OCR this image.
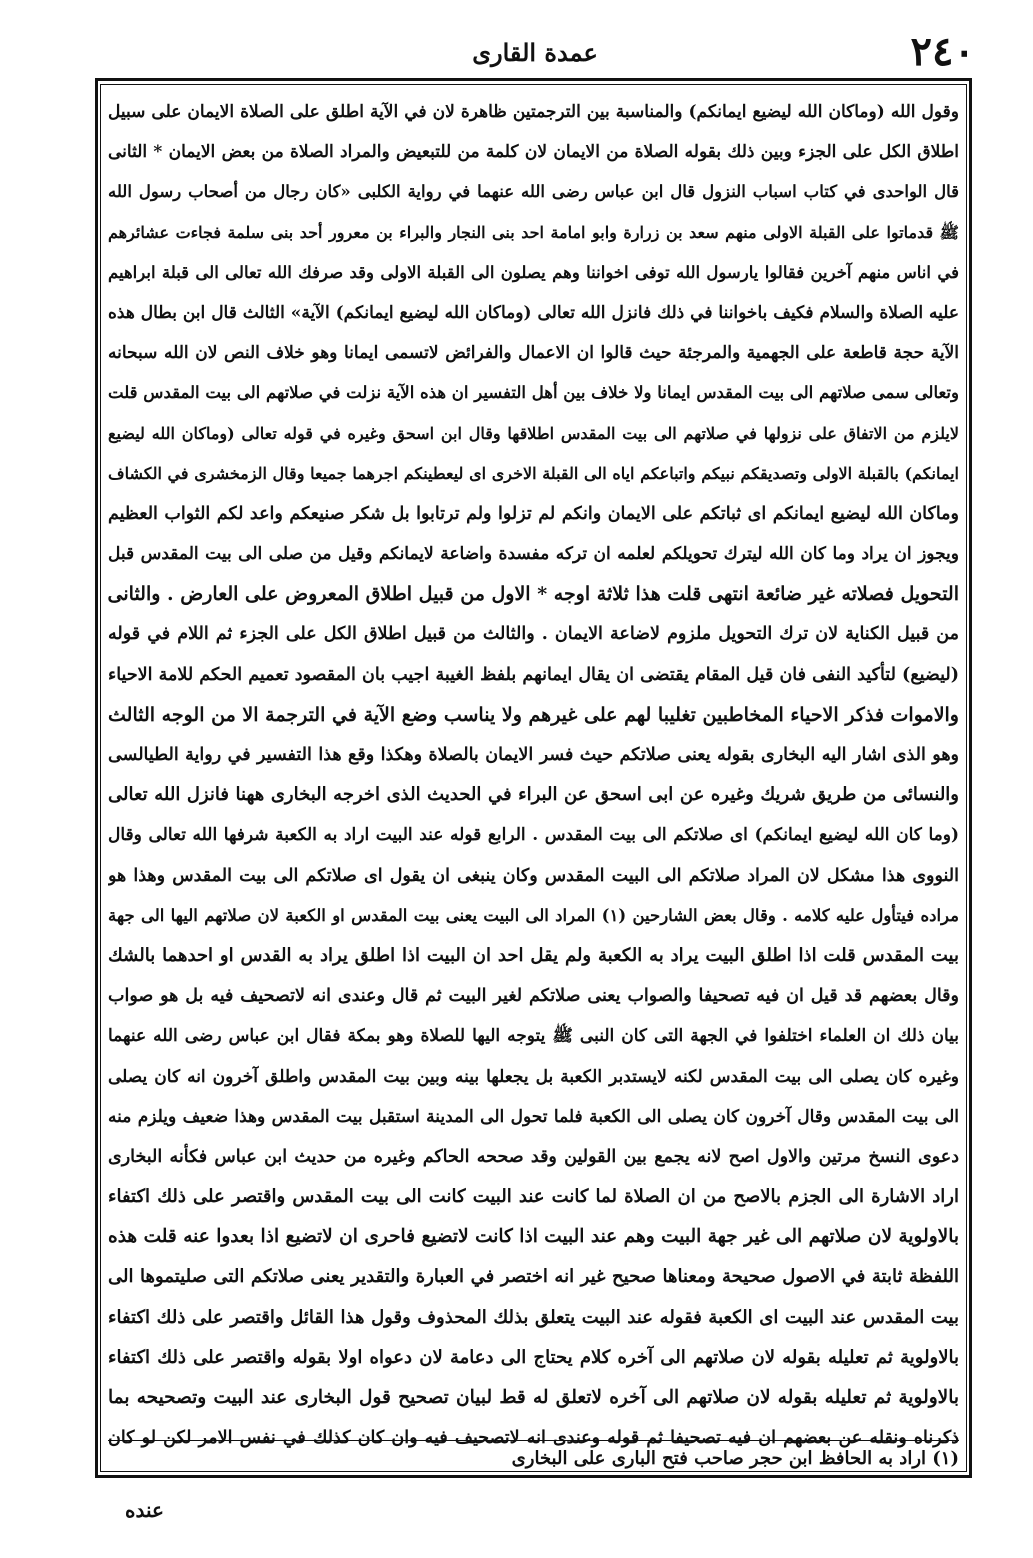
عمدة القاری	۲٤٠
وقول الله (وماكان الله ليضيع ايمانكم) والمناسبة بين الترجمتين ظاهرة لان في الآية اطلق على الصلاة الايمان على سبيل
اطلاق الكل على الجزء وبين ذلك بقوله الصلاة من الايمان لان كلمة من للتبعيض والمراد الصلاة من بعض الايمان * الثانی
قال الواحدی في كتاب اسباب النزول قال ابن عباس رضی الله عنهما في رواية الكلبی «كان رجال من أصحاب رسول الله
ﷺ قدماتوا على القبلة الاولى منهم سعد بن زرارة وابو امامة احد بنی النجار والبراء بن معرور أحد بنی سلمة فجاءت عشائرهم
في اناس منهم آخرين فقالوا يارسول الله توفی اخواننا وهم يصلون الى القبلة الاولى وقد صرفك الله تعالى الى قبلة ابراهيم
عليه الصلاة والسلام فكيف باخواننا في ذلك فانزل الله تعالى (وماكان الله ليضيع ايمانكم) الآية» الثالث قال ابن بطال هذه
الآية حجة قاطعة على الجهمية والمرجئة حيث قالوا ان الاعمال والفرائض لاتسمى ايمانا وهو خلاف النص لان الله سبحانه
وتعالى سمى صلاتهم الى بيت المقدس ايمانا ولا خلاف بين أهل التفسير ان هذه الآية نزلت في صلاتهم الى بيت المقدس قلت
لايلزم من الاتفاق على نزولها في صلاتهم الى بيت المقدس اطلاقها وقال ابن اسحق وغيره في قوله تعالى (وماكان الله ليضيع
ايمانكم) بالقبلة الاولى وتصديقكم نبيكم واتباعكم اياه الى القبلة الاخرى اى ليعطينكم اجرهما جميعا وقال الزمخشری في الكشاف
وماكان الله ليضيع ايمانكم اى ثباتكم على الايمان وانكم لم تزلوا ولم ترتابوا بل شكر صنيعكم واعد لكم الثواب العظيم
ويجوز ان يراد وما كان الله ليترك تحويلكم لعلمه ان تركه مفسدة واضاعة لايمانكم وقيل من صلى الى بيت المقدس قبل
التحويل فصلاته غير ضائعة انتهى قلت هذا ثلاثة اوجه * الاول من قبيل اطلاق المعروض على العارض . والثانی
من قبيل الكناية لان ترك التحويل ملزوم لاضاعة الايمان . والثالث من قبيل اطلاق الكل على الجزء ثم اللام في قوله
(ليضيع) لتأكيد النفی فان قيل المقام يقتضی ان يقال ايمانهم بلفظ الغيبة اجيب بان المقصود تعميم الحكم للامة الاحياء
والاموات فذكر الاحياء المخاطبين تغليبا لهم على غيرهم ولا يناسب وضع الآية في الترجمة الا من الوجه الثالث
وهو الذی اشار اليه البخاری بقوله يعنی صلاتكم حيث فسر الايمان بالصلاة وهكذا وقع هذا التفسير في رواية الطيالسی
والنسائی من طريق شريك وغيره عن ابی اسحق عن البراء في الحديث الذی اخرجه البخاری ههنا فانزل الله تعالى
(وما كان الله ليضيع ايمانكم) اى صلاتكم الى بيت المقدس . الرابع قوله عند البيت اراد به الكعبة شرفها الله تعالى وقال
النووی هذا مشكل لان المراد صلاتكم الى البيت المقدس وكان ينبغی ان يقول اى صلاتكم الى بيت المقدس وهذا هو
مراده فيتأول عليه كلامه . وقال بعض الشارحين (١) المراد الى البيت يعنی بيت المقدس او الكعبة لان صلاتهم اليها الى جهة
بيت المقدس قلت اذا اطلق البيت يراد به الكعبة ولم يقل احد ان البيت اذا اطلق يراد به القدس او احدهما بالشك
وقال بعضهم قد قيل ان فيه تصحيفا والصواب يعنی صلاتكم لغير البيت ثم قال وعندی انه لاتصحيف فيه بل هو صواب
بيان ذلك ان العلماء اختلفوا في الجهة التی كان النبی ﷺ يتوجه اليها للصلاة وهو بمكة فقال ابن عباس رضی الله عنهما
وغيره كان يصلی الى بيت المقدس لكنه لايستدبر الكعبة بل يجعلها بينه وبين بيت المقدس واطلق آخرون انه كان يصلی
الى بيت المقدس وقال آخرون كان يصلی الى الكعبة فلما تحول الى المدينة استقبل بيت المقدس وهذا ضعيف ويلزم منه
دعوى النسخ مرتين والاول اصح لانه يجمع بين القولين وقد صححه الحاكم وغيره من حديث ابن عباس فكأنه البخاری
اراد الاشارة الى الجزم بالاصح من ان الصلاة لما كانت عند البيت كانت الى بيت المقدس واقتصر على ذلك اكتفاء
بالاولوية لان صلاتهم الى غير جهة البيت وهم عند البيت اذا كانت لاتضيع فاحرى ان لاتضيع اذا بعدوا عنه قلت هذه
اللفظة ثابتة في الاصول صحيحة ومعناها صحيح غير انه اختصر في العبارة والتقدير يعنی صلاتكم التی صليتموها الى
بيت المقدس عند البيت اى الكعبة فقوله عند البيت يتعلق بذلك المحذوف وقول هذا القائل واقتصر على ذلك اكتفاء
بالاولوية ثم تعليله بقوله لان صلاتهم الى آخره كلام يحتاج الى دعامة لان دعواه اولا بقوله واقتصر على ذلك اكتفاء
بالاولوية ثم تعليله بقوله لان صلاتهم الى آخره لاتعلق له قط لبيان تصحيح قول البخاری عند البيت وتصحيحه بما
ذكرناه ونقله عن بعضهم ان فيه تصحيفا ثم قوله وعندی انه لاتصحيف فيه وان كان كذلك في نفس الامر لكن لو كان
(١) اراد به الحافظ ابن حجر صاحب فتح الباری على البخاری
عنده
